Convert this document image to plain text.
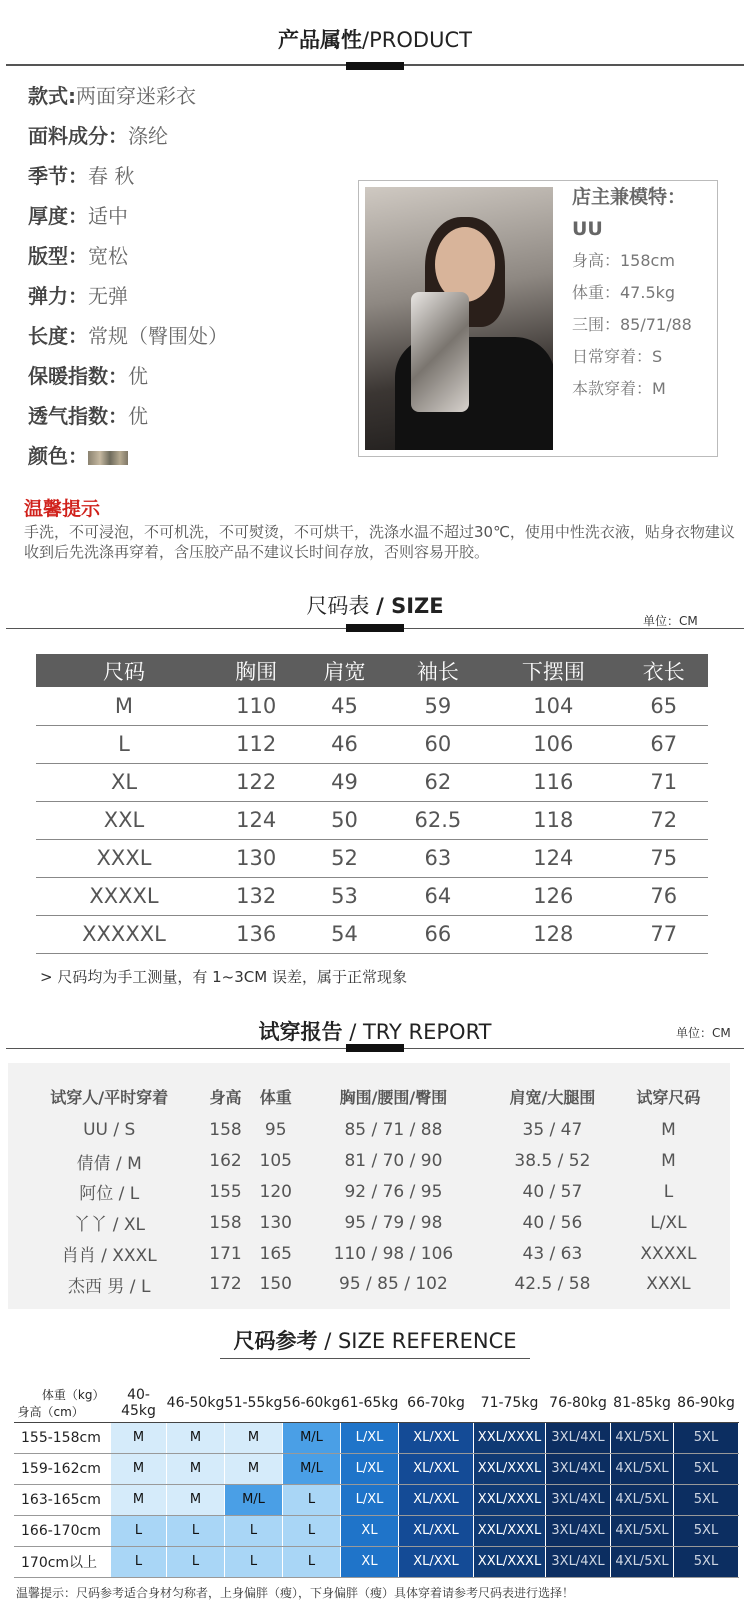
产品属性/PRODUCT
款式:两面穿迷彩衣
面料成分：涤纶
季节：春 秋
厚度：适中
版型：宽松
弹力：无弹
长度：常规（臀围处）
保暖指数：优
透气指数：优
颜色：
店主兼模特：
UU
身高：158cm
体重：47.5kg
三围：85/71/88
日常穿着：S
本款穿着：M
温馨提示
手洗，不可浸泡，不可机洗，不可熨烫，不可烘干，洗涤水温不超过30℃，使用中性洗衣液，贴身衣物建议收到后先洗涤再穿着，含压胶产品不建议长时间存放，否则容易开胶。
尺码表 / SIZE
单位：CM
尺码	胸围	肩宽	袖长	下摆围	衣长
M	110	45	59	104	65
L	112	46	60	106	67
XL	122	49	62	116	71
XXL	124	50	62.5	118	72
XXXL	130	52	63	124	75
XXXXL	132	53	64	126	76
XXXXXL	136	54	66	128	77
> 尺码均为手工测量，有 1~3CM 误差，属于正常现象
试穿报告 / TRY REPORT	单位：CM
试穿人/平时穿着	身高	体重	胸围/腰围/臀围	肩宽/大腿围	试穿尺码
UU / S	158	95	85 / 71 / 88	35 / 47	M
倩倩 / M	162	105	81 / 70 / 90	38.5 / 52	M
阿位 / L	155	120	92 / 76 / 95	40 / 57	L
丫丫 / XL	158	130	95 / 79 / 98	40 / 56	L/XL
肖肖 / XXXL	171	165	110 / 98 / 106	43 / 63	XXXXL
杰西 男 / L	172	150	95 / 85 / 102	42.5 / 58	XXXL
尺码参考 / SIZE REFERENCE
体重（kg）
身高（cm）	40-45kg	46-50kg	51-55kg	56-60kg	61-65kg	66-70kg	71-75kg	76-80kg	81-85kg	86-90kg
155-158cm	M	M	M	M/L	L/XL	XL/XXL	XXL/XXXL	3XL/4XL	4XL/5XL	5XL
159-162cm	M	M	M	M/L	L/XL	XL/XXL	XXL/XXXL	3XL/4XL	4XL/5XL	5XL
163-165cm	M	M	M/L	L	L/XL	XL/XXL	XXL/XXXL	3XL/4XL	4XL/5XL	5XL
166-170cm	L	L	L	L	XL	XL/XXL	XXL/XXXL	3XL/4XL	4XL/5XL	5XL
170cm以上	L	L	L	L	XL	XL/XXL	XXL/XXXL	3XL/4XL	4XL/5XL	5XL
温馨提示：尺码参考适合身材匀称者，上身偏胖（瘦），下身偏胖（瘦）具体穿着请参考尺码表进行选择！
